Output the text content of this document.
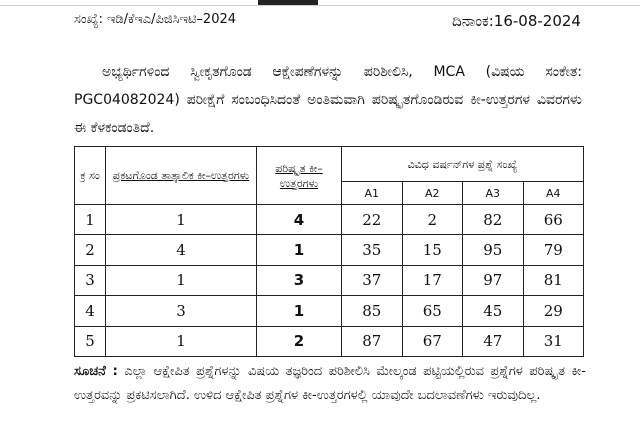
ಸಂಖ್ಯೆ: ಇಡಿ/ಕೆಇಎ/ಪಿಜಿಸಿಇಟಿ–2024	ದಿನಾಂಕ:16-08-2024
ಅಭ್ಯರ್ಥಿಗಳಿಂದ ಸ್ವೀಕೃತಗೊಂಡ ಆಕ್ಷೇಪಣೆಗಳನ್ನು ಪರಿಶೀಲಿಸಿ, MCA (ವಿಷಯ ಸಂಕೇತ: PGC04082024) ಪರೀಕ್ಷೆಗೆ ಸಂಬಂಧಿಸಿದಂತೆ ಅಂತಿಮವಾಗಿ ಪರಿಷ್ಕೃತಗೊಂಡಿರುವ ಕೀ-ಉತ್ತರಗಳ ವಿವರಗಳು ಈ ಕೆಳಕಂಡಂತಿದೆ.
ಕ್ರ ಸಂ	ಪ್ರಕಟಗೊಂಡ ತಾತ್ಕಾಲಿಕ ಕೀ–ಉತ್ತರಗಳು	ಪರಿಷ್ಕೃತ ಕೀ–ಉತ್ತರಗಳು	ವಿವಿಧ ವರ್ಷನ್‌ಗಳ ಪ್ರಶ್ನೆ ಸಂಖ್ಯೆ			
			A1	A2	A3	A4
1	1	4	22	2	82	66
2	4	1	35	15	95	79
3	1	3	37	17	97	81
4	3	1	85	65	45	29
5	1	2	87	67	47	31
ಸೂಚನೆ : ಎಲ್ಲಾ ಆಕ್ಷೇಪಿತ ಪ್ರಶ್ನೆಗಳನ್ನು ವಿಷಯ ತಜ್ಞರಿಂದ ಪರಿಶೀಲಿಸಿ ಮೇಲ್ಕಂಡ ಪಟ್ಟಿಯಲ್ಲಿರುವ ಪ್ರಶ್ನೆಗಳ ಪರಿಷ್ಕೃತ ಕೀ-ಉತ್ತರವನ್ನು ಪ್ರಕಟಿಸಲಾಗಿದೆ. ಉಳಿದ ಆಕ್ಷೇಪಿತ ಪ್ರಶ್ನೆಗಳ ಕೀ-ಉತ್ತರಗಳಲ್ಲಿ ಯಾವುದೇ ಬದಲಾವಣೆಗಳು ಇರುವುದಿಲ್ಲ.
